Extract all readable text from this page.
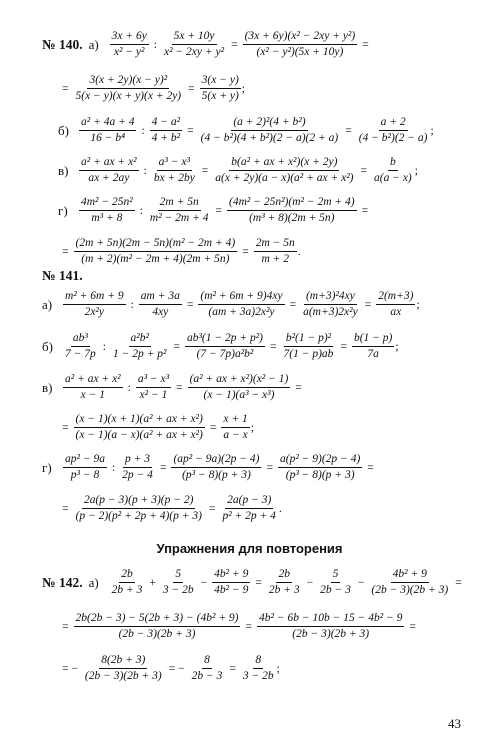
№ 140. $а) \frac{3x + 6y}{\text{x² − y²}}$ : $\frac{5x + 10y}{\text{x² − 2xy + y²}} = \frac{\text{(3x + 6y)(x² − 2xy + y²)}}{\text{(x² − y²)(5x + 10y)}}$ =
= $\frac{\text{3(x + 2y)(x − y)²}}{5(x - y)(x + y)(x + 2y)} = \frac{3(x - y)}{5(x + y)}$ ;
$б) \frac{\text{a² + 4a + 4}}{\text{16 − b⁴}}$ : $\frac{\text{4 − a²}}{\text{4 + b²}} = \frac{\text{(a + 2)²(4 + b²)}}{\text{(4 − b²)(4 + b²)(2 − a)(2 + a)}} = \frac{a + 2}{\text{(4 − b²)(2 − a)}}$ ;
$в) \frac{\text{a² + ax + x²}}{ax + 2ay}$ : $\frac{\text{a³ − x³}}{bx + 2by} = \frac{\text{b(a² + ax + x²)(x + 2y)}}{\text{a(x + 2y)(a − x)(a² + ax + x²)}} = \frac{b}{a(a - x)}$ ;
$г) \frac{\text{4m² − 25n²}}{\text{m³ + 8}}$ : $\frac{2m + 5n}{\text{m² − 2m + 4}} = \frac{\text{(4m² − 25n²)(m² − 2m + 4)}}{\text{(m³ + 8)(2m + 5n)}}$ =
= $\frac{\text{(2m + 5n)(2m − 5n)(m² − 2m + 4)}}{\text{(m + 2)(m² − 2m + 4)(2m + 5n)}} = \frac{2m - 5n}{m + 2}$ .
№ 141.
$а) \frac{\text{m² + 6m + 9}}{\text{2x²y}}$ : $\frac{am + 3a}{4xy} = \frac{\text{(m² + 6m + 9)4xy}}{\text{(am + 3a)2x²y}} = \frac{\text{(m+3)²4xy}}{\text{a(m+3)2x²y}} = \frac{2(m+3)}{ax}$ ;
$б) \frac{\text{ab³}}{7 - 7p}$ : $\frac{\text{a²b²}}{\text{1 − 2p + p²}} = \frac{\text{ab³(1 − 2p + p²)}}{\text{(7 − 7p)a²b²}} = \frac{\text{b²(1 − p)²}}{7(1 - p)ab} = \frac{b(1 - p)}{7a}$ ;
$в) \frac{\text{a² + ax + x²}}{x - 1}$ : $\frac{\text{a³ − x³}}{\text{x² − 1}} = \frac{\text{(a² + ax + x²)(x² − 1)}}{\text{(x − 1)(a³ − x³)}}$ =
= $\frac{\text{(x − 1)(x + 1)(a² + ax + x²)}}{\text{(x − 1)(a − x)(a² + ax + x²)}} = \frac{x + 1}{a - x}$ ;
$г) \frac{\text{ap² − 9a}}{\text{p³ − 8}}$ : $\frac{p + 3}{2p - 4} = \frac{\text{(ap² − 9a)(2p − 4)}}{\text{(p³ − 8)(p + 3)}} = \frac{\text{a(p² − 9)(2p − 4)}}{\text{(p³ − 8)(p + 3)}}$ =
= $\frac{2a(p - 3)(p + 3)(p - 2)}{\text{(p − 2)(p² + 2p + 4)(p + 3)}} = \frac{2a(p - 3)}{\text{p² + 2p + 4}}$ .
Упражнения для повторения
№ 142. $а) \frac{2b}{2b + 3} + \frac{5}{3 - 2b} - \frac{\text{4b² + 9}}{\text{4b² − 9}} = \frac{2b}{2b + 3} - \frac{5}{2b - 3} - \frac{\text{4b² + 9}}{(2b - 3)(2b + 3)}$ =
= $\frac{\text{2b(2b − 3) − 5(2b + 3) − (4b² + 9)}}{(2b - 3)(2b + 3)} = \frac{\text{4b² − 6b − 10b − 15 − 4b² − 9}}{(2b - 3)(2b + 3)}$ =
= − $\frac{8(2b + 3)}{(2b - 3)(2b + 3)}$ = − $\frac{8}{2b - 3} = \frac{8}{3 - 2b}$ ;
43
